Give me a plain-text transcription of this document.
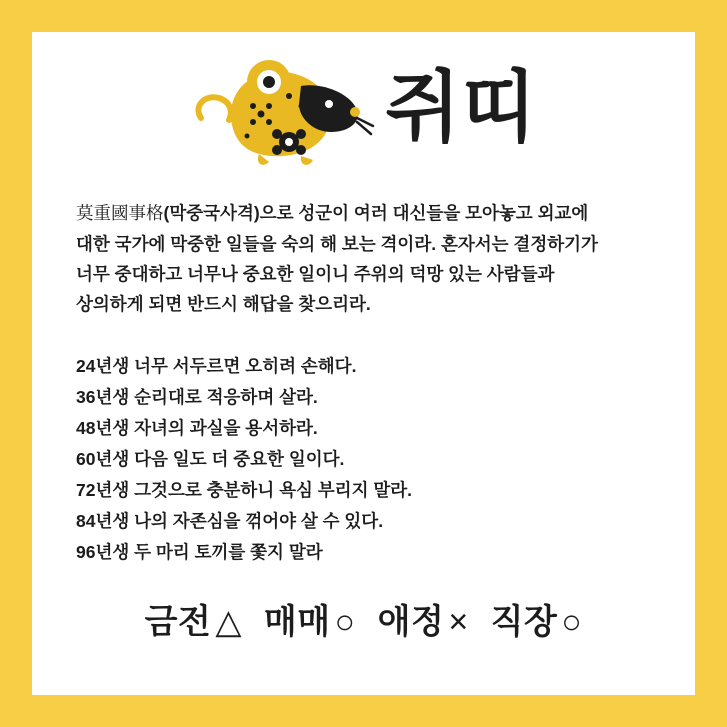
쥐띠
莫重國事格(막중국사격)으로 성군이 여러 대신들을 모아놓고 외교에
대한 국가에 막중한 일들을 숙의 해 보는 격이라. 혼자서는 결정하기가
너무 중대하고 너무나 중요한 일이니 주위의 덕망 있는 사람들과
상의하게 되면 반드시 해답을 찾으리라.
24년생 너무 서두르면 오히려 손해다.
36년생 순리대로 적응하며 살라.
48년생 자녀의 과실을 용서하라.
60년생 다음 일도 더 중요한 일이다.
72년생 그것으로 충분하니 욕심 부리지 말라.
84년생 나의 자존심을 꺾어야 살 수 있다.
96년생 두 마리 토끼를 쫓지 말라
금전 △ 매매 ○ 애정 × 직장 ○
